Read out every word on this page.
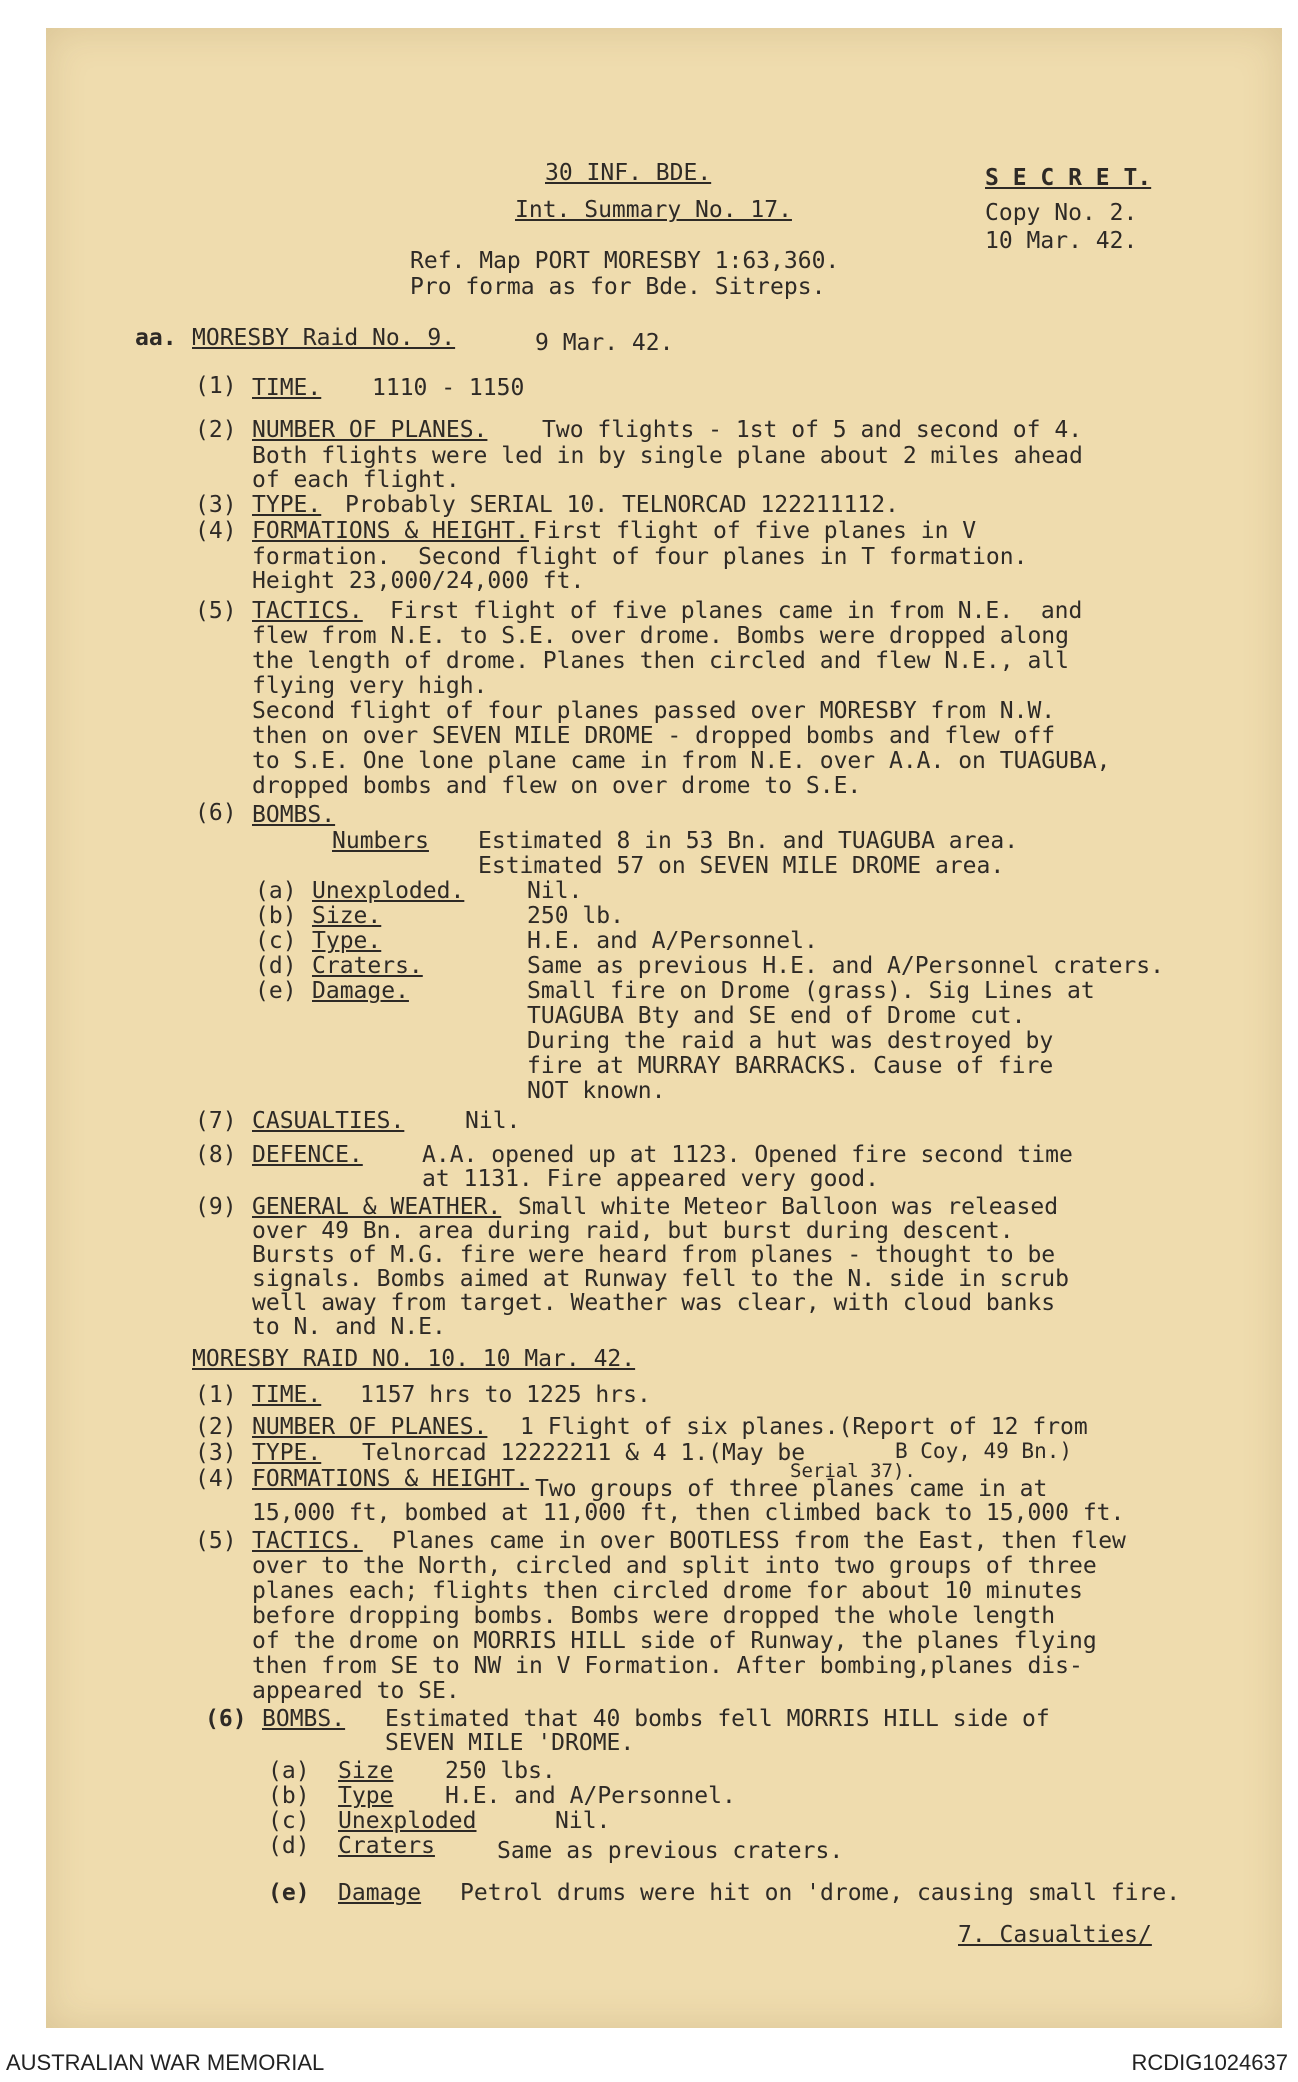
30 INF. BDE.
Int. Summary No. 17.
S E C R E T.
Copy No. 2.
10 Mar. 42.
Ref. Map PORT MORESBY 1:63,360.
Pro forma as for Bde. Sitreps.
aa. MORESBY Raid No. 9.	9 Mar. 42.
(1) TIME. 1110 - 1150
(2) NUMBER OF PLANES. Two flights - 1st of 5 and second of 4.
Both flights were led in by single plane about 2 miles ahead
of each flight.
(3) TYPE. Probably SERIAL 10. TELNORCAD 122211112.
(4) FORMATIONS & HEIGHT. First flight of five planes in V
formation.  Second flight of four planes in T formation.
Height 23,000/24,000 ft.
(5) TACTICS. First flight of five planes came in from N.E.  and
flew from N.E. to S.E. over drome. Bombs were dropped along
the length of drome. Planes then circled and flew N.E., all
flying very high.
Second flight of four planes passed over MORESBY from N.W.
then on over SEVEN MILE DROME - dropped bombs and flew off
to S.E. One lone plane came in from N.E. over A.A. on TUAGUBA,
dropped bombs and flew on over drome to S.E.
(6) BOMBS.
Numbers Estimated 8 in 53 Bn. and TUAGUBA area.
Estimated 57 on SEVEN MILE DROME area.
(a) Unexploded.	Nil.
(b) Size.	250 lb.
(c) Type.	H.E. and A/Personnel.
(d) Craters.	Same as previous H.E. and A/Personnel craters.
(e) Damage.	Small fire on Drome (grass). Sig Lines at
TUAGUBA Bty and SE end of Drome cut.
During the raid a hut was destroyed by
fire at MURRAY BARRACKS. Cause of fire
NOT known.
(7) CASUALTIES.	Nil.
(8) DEFENCE.	A.A. opened up at 1123. Opened fire second time
at 1131. Fire appeared very good.
(9) GENERAL & WEATHER. Small white Meteor Balloon was released
over 49 Bn. area during raid, but burst during descent.
Bursts of M.G. fire were heard from planes - thought to be
signals. Bombs aimed at Runway fell to the N. side in scrub
well away from target. Weather was clear, with cloud banks
to N. and N.E.
MORESBY RAID NO. 10. 10 Mar. 42.
(1) TIME. 1157 hrs to 1225 hrs.
(2) NUMBER OF PLANES. 1 Flight of six planes.(Report of 12 from
B Coy, 49 Bn.)
(3) TYPE. Telnorcad 12222211 & 4 1.(May be
Serial 37).
(4) FORMATIONS & HEIGHT. Two groups of three planes came in at
15,000 ft, bombed at 11,000 ft, then climbed back to 15,000 ft.
(5) TACTICS. Planes came in over BOOTLESS from the East, then flew
over to the North, circled and split into two groups of three
planes each; flights then circled drome for about 10 minutes
before dropping bombs. Bombs were dropped the whole length
of the drome on MORRIS HILL side of Runway, the planes flying
then from SE to NW in V Formation. After bombing,planes dis-
appeared to SE.
(6) BOMBS. Estimated that 40 bombs fell MORRIS HILL side of
SEVEN MILE 'DROME.
(a) Size 250 lbs.
(b) Type H.E. and A/Personnel.
(c) Unexploded	Nil.
(d) Craters	Same as previous craters.
(e) Damage Petrol drums were hit on 'drome, causing small fire.
7. Casualties/
AUSTRALIAN WAR MEMORIAL	RCDIG1024637
